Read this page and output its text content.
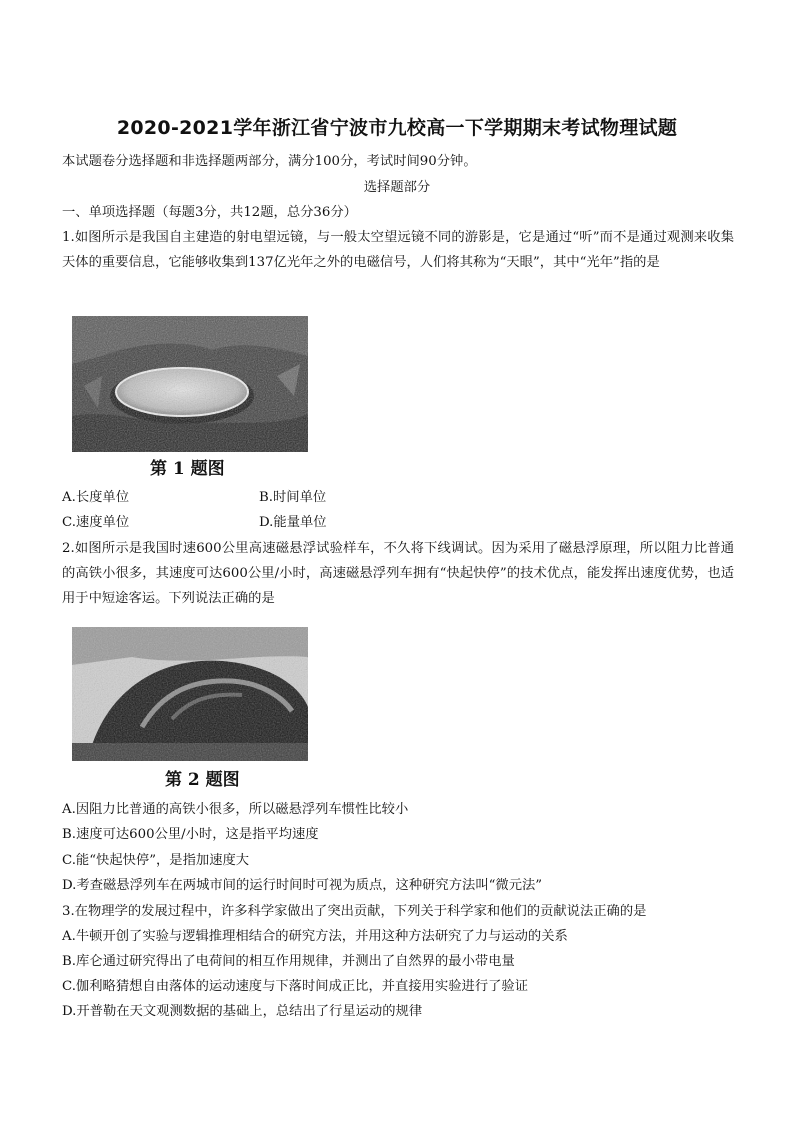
2020-2021学年浙江省宁波市九校高一下学期期末考试物理试题
本试题卷分选择题和非选择题两部分，满分100分，考试时间90分钟。
选择题部分
一、单项选择题（每题3分，共12题，总分36分）
1.如图所示是我国自主建造的射电望远镜，与一般太空望远镜不同的游影是，它是通过“听”而不是通过观测来收集天体的重要信息，它能够收集到137亿光年之外的电磁信号，人们将其称为“天眼”，其中“光年”指的是
第 1 题图
A.长度单位	B.时间单位
C.速度单位	D.能量单位
2.如图所示是我国时速600公里高速磁悬浮试验样车，不久将下线调试。因为采用了磁悬浮原理，所以阻力比普通的高铁小很多，其速度可达600公里/小时，高速磁悬浮列车拥有“快起快停”的技术优点，能发挥出速度优势，也适用于中短途客运。下列说法正确的是
第 2 题图
A.因阻力比普通的高铁小很多，所以磁悬浮列车惯性比较小
B.速度可达600公里/小时，这是指平均速度
C.能“快起快停”，是指加速度大
D.考查磁悬浮列车在两城市间的运行时间时可视为质点，这种研究方法叫“微元法”
3.在物理学的发展过程中，许多科学家做出了突出贡献，下列关于科学家和他们的贡献说法正确的是
A.牛顿开创了实验与逻辑推理相结合的研究方法，并用这种方法研究了力与运动的关系
B.库仑通过研究得出了电荷间的相互作用规律，并测出了自然界的最小带电量
C.伽利略猜想自由落体的运动速度与下落时间成正比，并直接用实验进行了验证
D.开普勒在天文观测数据的基础上，总结出了行星运动的规律
